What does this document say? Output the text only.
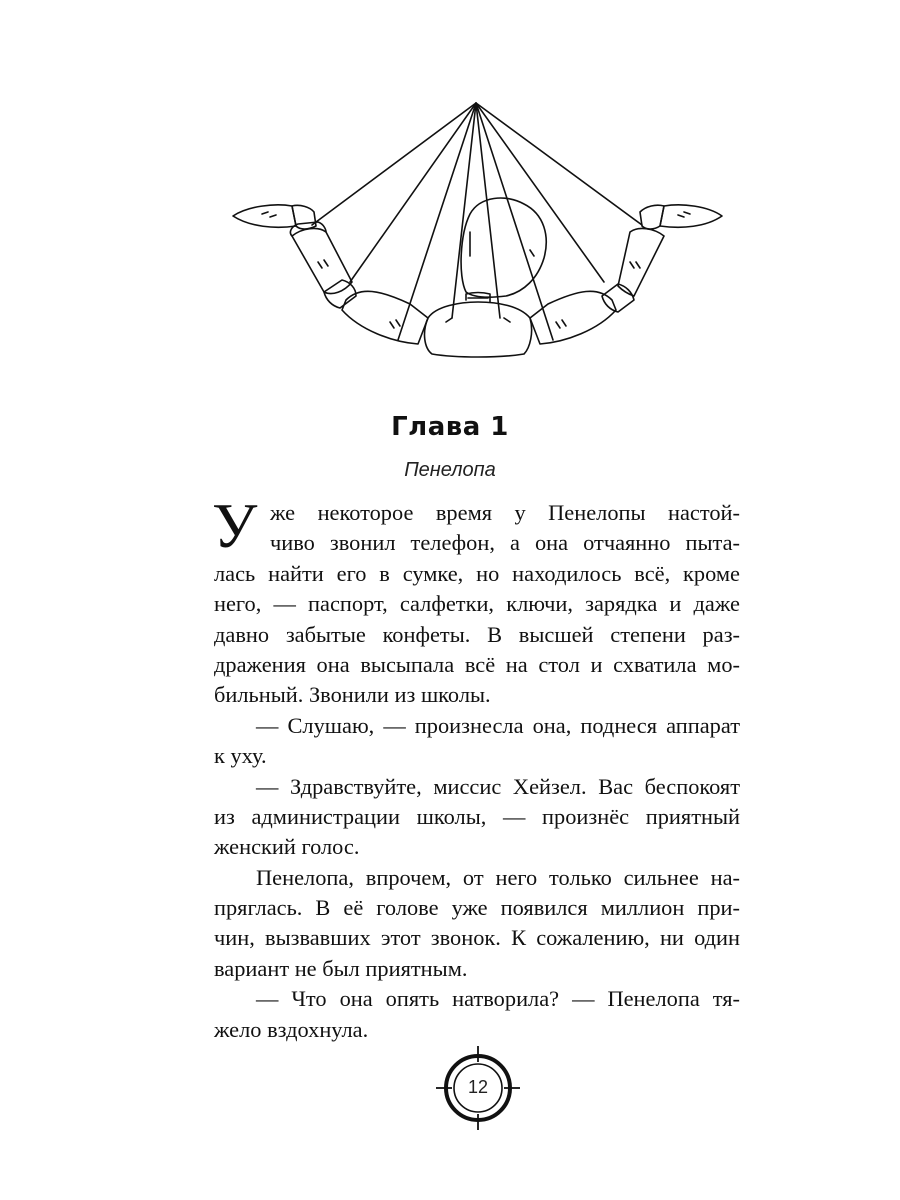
Глава 1

Пенелопа

У же некоторое время у Пенелопы настой-
чиво звонил телефон, а она отчаянно пыта-
лась найти его в сумке, но находилось всё, кроме
него, — паспорт, салфетки, ключи, зарядка и даже
давно забытые конфеты. В высшей степени раз-
дражения она высыпала всё на стол и схватила мо-
бильный. Звонили из школы.
— Слушаю, — произнесла она, поднеся аппарат
к уху.
— Здравствуйте, миссис Хейзел. Вас беспокоят
из администрации школы, — произнёс приятный
женский голос.
Пенелопа, впрочем, от него только сильнее на-
пряглась. В её голове уже появился миллион при-
чин, вызвавших этот звонок. К сожалению, ни один
вариант не был приятным.
— Что она опять натворила? — Пенелопа тя-
жело вздохнула.
12
